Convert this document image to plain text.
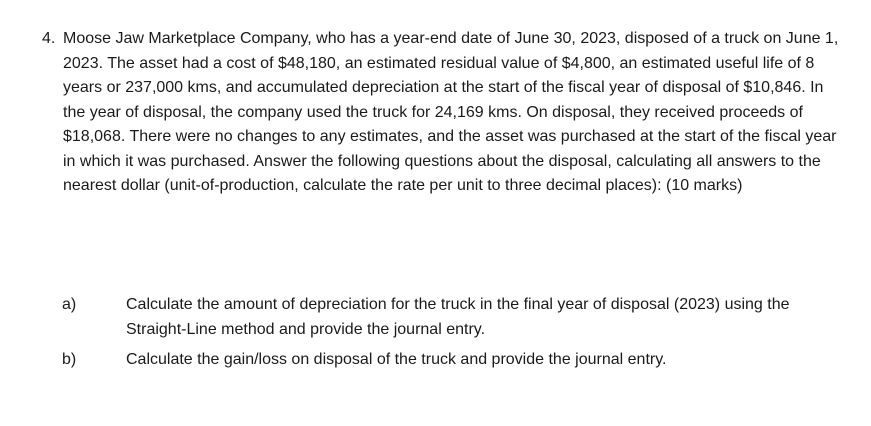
4. Moose Jaw Marketplace Company, who has a year-end date of June 30, 2023, disposed of a truck on June 1, 2023. The asset had a cost of $48,180, an estimated residual value of $4,800, an estimated useful life of 8 years or 237,000 kms, and accumulated depreciation at the start of the fiscal year of disposal of $10,846. In the year of disposal, the company used the truck for 24,169 kms. On disposal, they received proceeds of $18,068. There were no changes to any estimates, and the asset was purchased at the start of the fiscal year in which it was purchased. Answer the following questions about the disposal, calculating all answers to the nearest dollar (unit-of-production, calculate the rate per unit to three decimal places): (10 marks)

a)	Calculate the amount of depreciation for the truck in the final year of disposal (2023) using the Straight-Line method and provide the journal entry.

b)	Calculate the gain/loss on disposal of the truck and provide the journal entry.
